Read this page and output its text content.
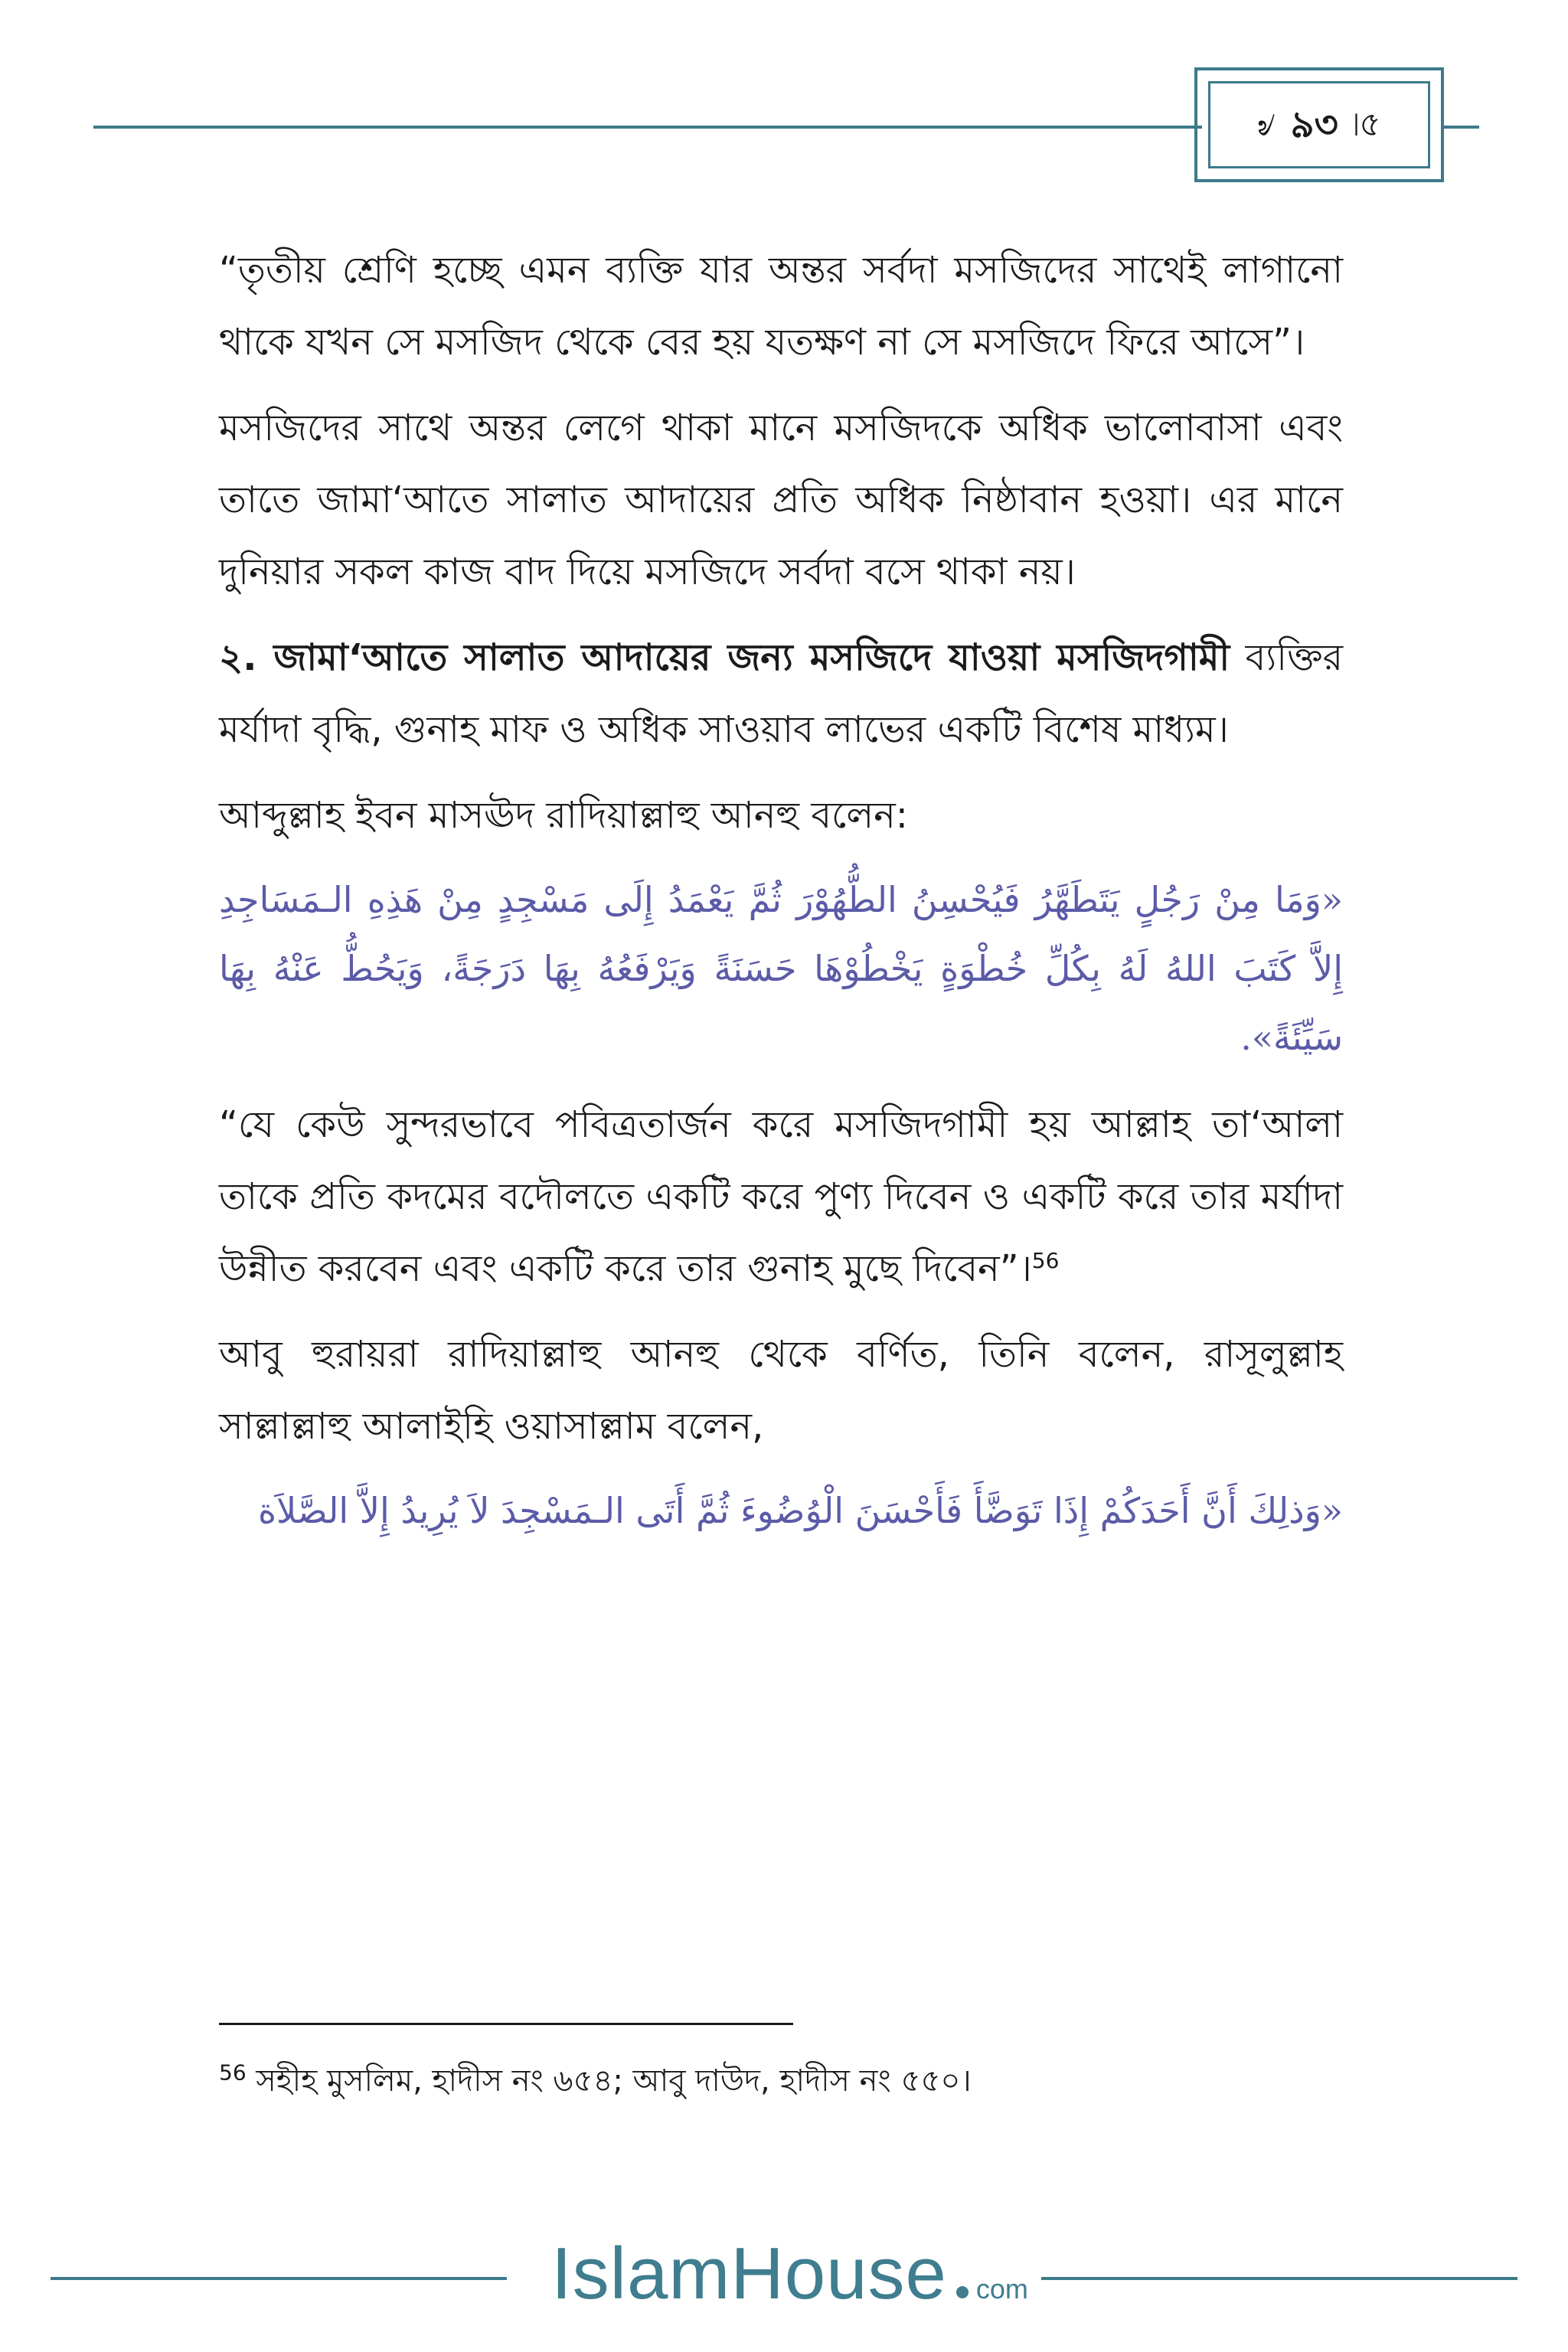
৶ ৯৩ ৷৫

“তৃতীয় শ্রেণি হচ্ছে এমন ব্যক্তি যার অন্তর সর্বদা মসজিদের সাথেই লাগানো থাকে যখন সে মসজিদ থেকে বের হয় যতক্ষণ না সে মসজিদে ফিরে আসে”।

মসজিদের সাথে অন্তর লেগে থাকা মানে মসজিদকে অধিক ভালোবাসা এবং তাতে জামা‘আতে সালাত আদায়ের প্রতি অধিক নিষ্ঠাবান হওয়া। এর মানে দুনিয়ার সকল কাজ বাদ দিয়ে মসজিদে সর্বদা বসে থাকা নয়।

২. জামা‘আতে সালাত আদায়ের জন্য মসজিদে যাওয়া মসজিদগামী ব্যক্তির মর্যাদা বৃদ্ধি, গুনাহ মাফ ও অধিক সাওয়াব লাভের একটি বিশেষ মাধ্যম।

আব্দুল্লাহ ইবন মাসঊদ রাদিয়াল্লাহু আনহু বলেন:

«وَمَا مِنْ رَجُلٍ يَتَطَهَّرُ فَيُحْسِنُ الطُّهُوْرَ ثُمَّ يَعْمَدُ إِلَى مَسْجِدٍ مِنْ هَذِهِ الـمَسَاجِدِ إِلاَّ كَتَبَ اللهُ لَهُ بِكُلِّ خُطْوَةٍ يَخْطُوْهَا حَسَنَةً وَيَرْفَعُهُ بِهَا دَرَجَةً، وَيَحُطُّ عَنْهُ بِهَا سَيِّئَةً».

“যে কেউ সুন্দরভাবে পবিত্রতার্জন করে মসজিদগামী হয় আল্লাহ তা‘আলা তাকে প্রতি কদমের বদৌলতে একটি করে পুণ্য দিবেন ও একটি করে তার মর্যাদা উন্নীত করবেন এবং একটি করে তার গুনাহ মুছে দিবেন”।$^{56}$

আবু হুরায়রা রাদিয়াল্লাহু আনহু থেকে বর্ণিত, তিনি বলেন, রাসূলুল্লাহ সাল্লাল্লাহু আলাইহি ওয়াসাল্লাম বলেন,

«وَذلِكَ أَنَّ أَحَدَكُمْ إِذَا تَوَضَّأَ فَأَحْسَنَ الْوُضُوءَ ثُمَّ أَتَى الـمَسْجِدَ لاَ يُرِيدُ إِلاَّ الصَّلاَة

$^{56}$ সহীহ মুসলিম, হাদীস নং ৬৫৪; আবু দাউদ, হাদীস নং ৫৫০।
IslamHouse com
